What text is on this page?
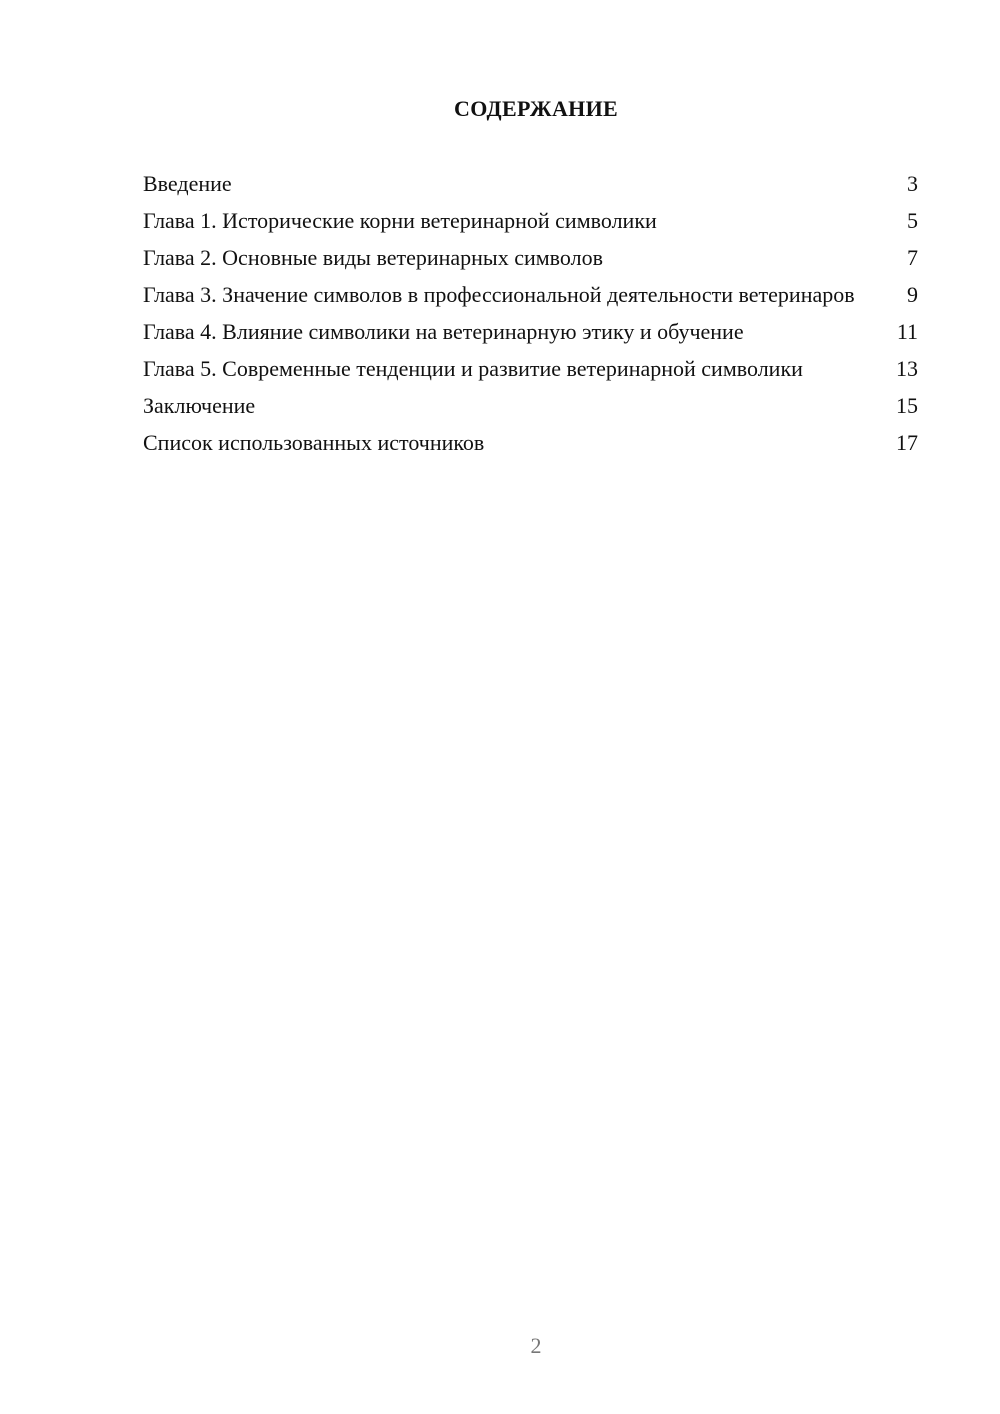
СОДЕРЖАНИЕ
Введение	3
Глава 1. Исторические корни ветеринарной символики	5
Глава 2. Основные виды ветеринарных символов	7
Глава 3. Значение символов в профессиональной деятельности ветеринаров 9
Глава 4. Влияние символики на ветеринарную этику и обучение	11
Глава 5. Современные тенденции и развитие ветеринарной символики	13
Заключение	15
Список использованных источников	17
2
